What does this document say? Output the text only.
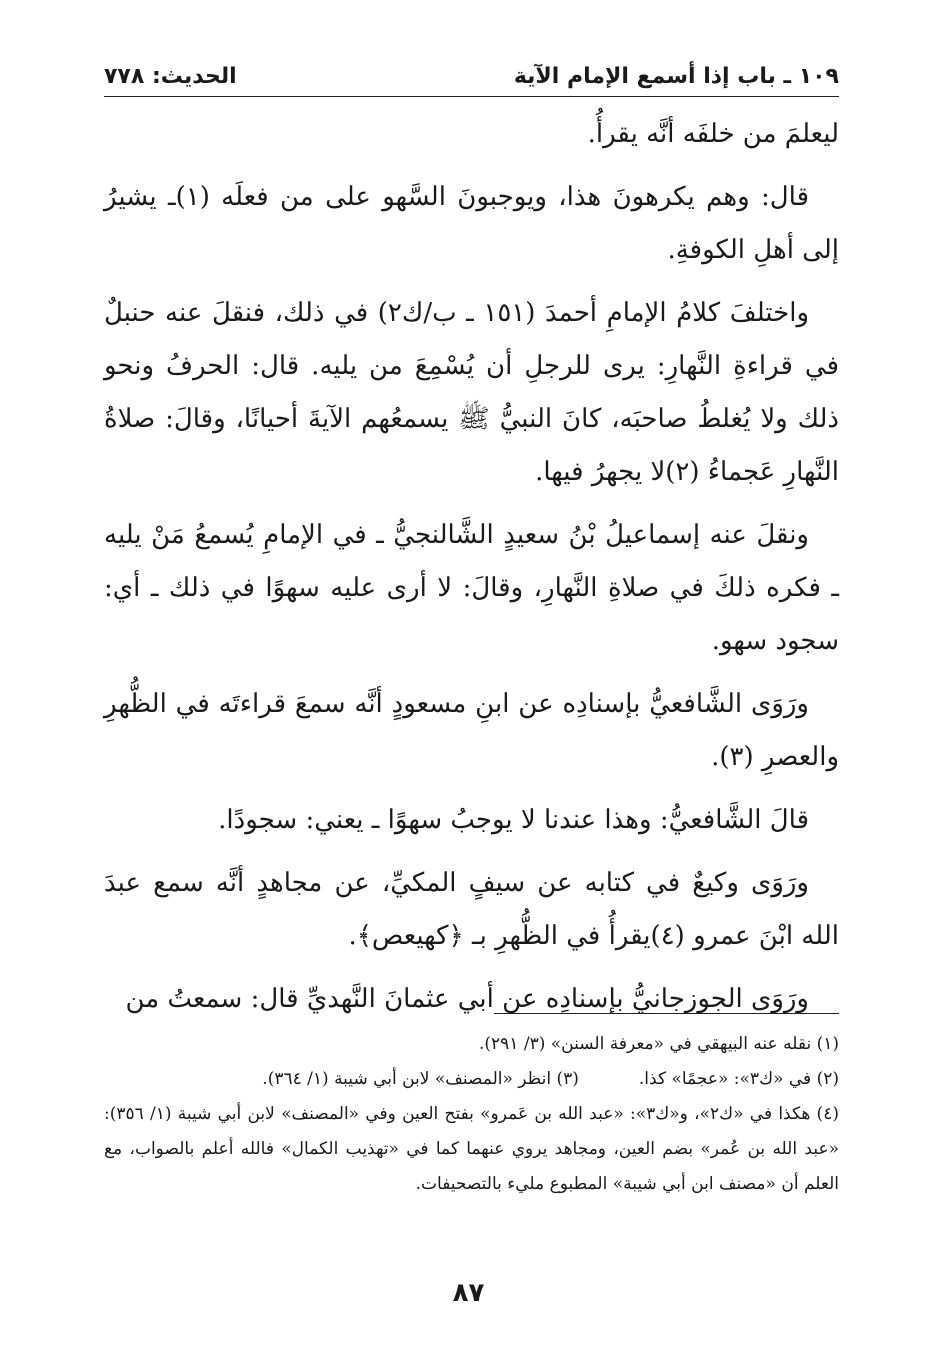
١٠٩ ـ باب إذا أسمع الإمام الآية
الحديث: ٧٧٨

ليعلمَ من خلفَه أنَّه يقرأُ.

قال: وهم يكرهونَ هذا، ويوجبونَ السَّهو على من فعلَه (١)ـ يشيرُ إلى أهلِ الكوفةِ.

واختلفَ كلامُ الإمامِ أحمدَ (١٥١ ـ ب/ك٢) في ذلك، فنقلَ عنه حنبلٌ في قراءةِ النَّهارِ: يرى للرجلِ أن يُسْمِعَ من يليه. قال: الحرفُ ونحو ذلك ولا يُغلطُ صاحبَه، كانَ النبيُّ ﷺ يسمعُهم الآيةَ أحيانًا، وقالَ: صلاةُ النَّهارِ عَجماءُ (٢)لا يجهرُ فيها.

ونقلَ عنه إسماعيلُ بْنُ سعيدٍ الشَّالنجيُّ ـ في الإمامِ يُسمعُ مَنْ يليه ـ فكره ذلكَ في صلاةِ النَّهارِ، وقالَ: لا أرى عليه سهوًا في ذلك ـ أي: سجود سهو.

ورَوَى الشَّافعيُّ بإسنادِه عن ابنِ مسعودٍ أنَّه سمعَ قراءتَه في الظُّهرِ والعصرِ (٣).

قالَ الشَّافعيُّ: وهذا عندنا لا يوجبُ سهوًا ـ يعني: سجودًا.

ورَوَى وكيعٌ في كتابه عن سيفٍ المكيِّ، عن مجاهدٍ أنَّه سمع عبدَ الله ابْنَ عمرو (٤)يقرأُ في الظُّهرِ بـ ﴿كهيعص﴾.

ورَوَى الجوزجانيُّ بإسنادِه عن أبي عثمانَ النَّهديِّ قال: سمعتُ من

(١) نقله عنه البيهقي في «معرفة السنن» (٣/ ٢٩١).

(٢) في «ك٣»: «عجمًا» كذا.
(٣) انظر «المصنف» لابن أبي شيبة (١/ ٣٦٤).

(٤) هكذا في «ك٢»، و«ك٣»: «عبد الله بن عَمرو» بفتح العين وفي «المصنف» لابن أبي شيبة (١/ ٣٥٦): «عبد الله بن عُمر» بضم العين، ومجاهد يروي عنهما كما في «تهذيب الكمال» فالله أعلم بالصواب، مع العلم أن «مصنف ابن أبي شيبة» المطبوع مليء بالتصحيفات.

٨٧
